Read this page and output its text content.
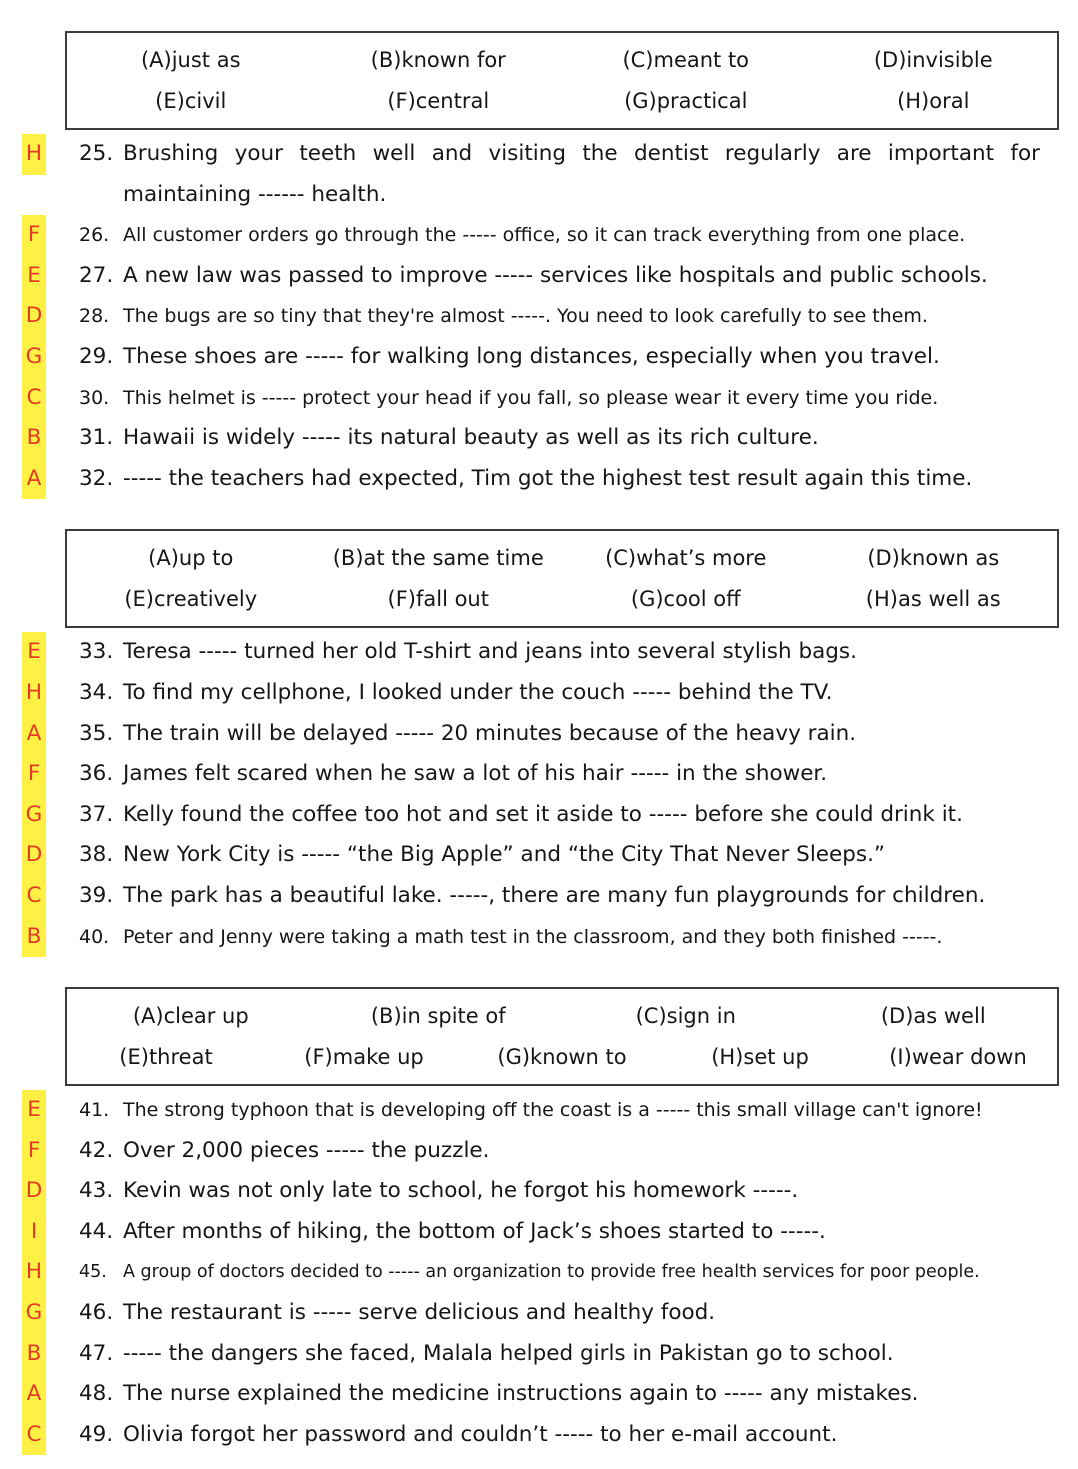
(A)just as	(B)known for	(C)meant to	(D)invisible
(E)civil	(F)central	(G)practical	(H)oral
H 25. Brushing your teeth well and visiting the dentist regularly are important for
maintaining ------ health.
F	26. All customer orders go through the ----- office, so it can track everything from one place.
E 27. A new law was passed to improve ----- services like hospitals and public schools.
D 28. The bugs are so tiny that they're almost -----. You need to look carefully to see them.
G 29. These shoes are ----- for walking long distances, especially when you travel.
C 30. This helmet is ----- protect your head if you fall, so please wear it every time you ride.
B 31. Hawaii is widely ----- its natural beauty as well as its rich culture.
A 32. ----- the teachers had expected, Tim got the highest test result again this time.
(A)up to	(B)at the same time	(C)what’s more	(D)known as
(E)creatively	(F)fall out	(G)cool off	(H)as well as
E 33. Teresa ----- turned her old T-shirt and jeans into several stylish bags.
H 34. To find my cellphone, I looked under the couch ----- behind the TV.
A 35. The train will be delayed ----- 20 minutes because of the heavy rain.
F 36. James felt scared when he saw a lot of his hair ----- in the shower.
G 37. Kelly found the coffee too hot and set it aside to ----- before she could drink it.
D 38. New York City is ----- “the Big Apple” and “the City That Never Sleeps.”
C 39. The park has a beautiful lake. -----, there are many fun playgrounds for children.
B 40. Peter and Jenny were taking a math test in the classroom, and they both finished -----.
(A)clear up	(B)in spite of	(C)sign in	(D)as well
(E)threat	(F)make up	(G)known to	(H)set up	(I)wear down
E 41. The strong typhoon that is developing off the coast is a ----- this small village can't ignore!
F 42. Over 2,000 pieces ----- the puzzle.
D 43. Kevin was not only late to school, he forgot his homework -----.
I	44. After months of hiking, the bottom of Jack’s shoes started to -----.
H 45. A group of doctors decided to ----- an organization to provide free health services for poor people.
G 46. The restaurant is ----- serve delicious and healthy food.
B 47. ----- the dangers she faced, Malala helped girls in Pakistan go to school.
A 48. The nurse explained the medicine instructions again to ----- any mistakes.
C 49. Olivia forgot her password and couldn’t ----- to her e-mail account.
